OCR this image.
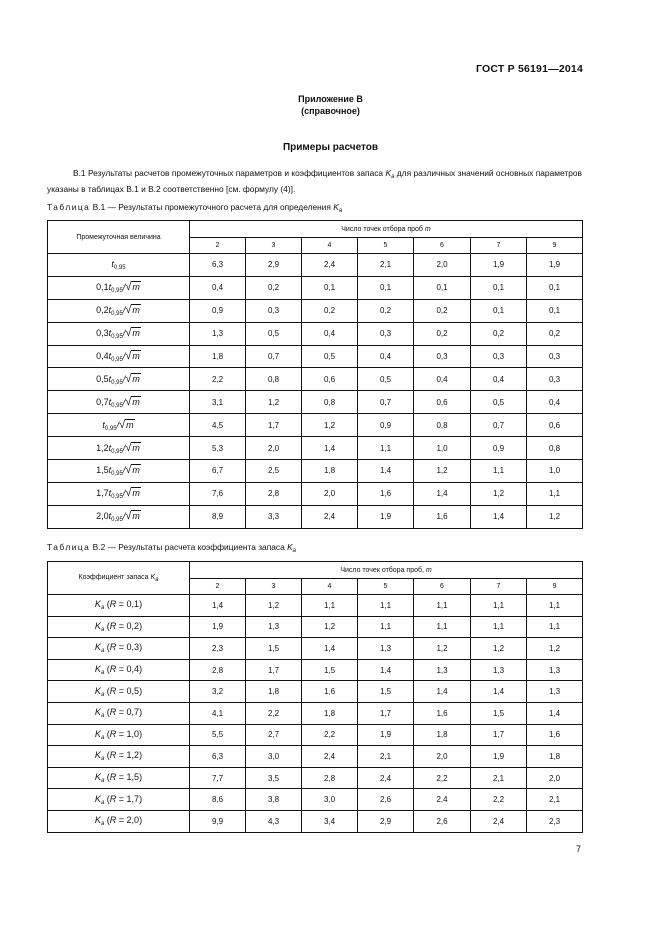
ГОСТ Р 56191—2014
Приложение В
(справочное)
Примеры расчетов

В.1 Результаты расчетов промежуточных параметров и коэффициентов запаса $K_a$ для различных значений основных параметров указаны в таблицах В.1 и В.2 соответственно [см. формулу (4)].

Таблица В.1 — Результаты промежуточного расчета для определения $K_a$
Промежуточная величина	Число точек отбора проб m						
	2	3	4	5	6	7	9
$t_{0,95}$	6,3	2,9	2,4	2,1	2,0	1,9	1,9
$0,1t_{0,95}/√m$	0,4	0,2	0,1	0,1	0,1	0,1	0,1
$0,2t_{0,95}/√m$	0,9	0,3	0,2	0,2	0,2	0,1	0,1
$0,3t_{0,95}/√m$	1,3	0,5	0,4	0,3	0,2	0,2	0,2
$0,4t_{0,95}/√m$	1,8	0,7	0,5	0,4	0,3	0,3	0,3
$0,5t_{0,95}/√m$	2,2	0,8	0,6	0,5	0,4	0,4	0,3
$0,7t_{0,95}/√m$	3,1	1,2	0,8	0,7	0,6	0,5	0,4
$t_{0,95}/√m$	4,5	1,7	1,2	0,9	0,8	0,7	0,6
$1,2t_{0,95}/√m$	5,3	2,0	1,4	1,1	1,0	0,9	0,8
$1,5t_{0,95}/√m$	6,7	2,5	1,8	1,4	1,2	1,1	1,0
$1,7t_{0,95}/√m$	7,6	2,8	2,0	1,6	1,4	1,2	1,1
$2,0t_{0,95}/√m$	8,9	3,3	2,4	1,9	1,6	1,4	1,2
Таблица В.2 — Результаты расчета коэффициента запаса $K_a$
Коэффициент запаса Ka	Число точек отбора проб, m						
	2	3	4	5	6	7	9
$K_a$ (R = 0,1)	1,4	1,2	1,1	1,1	1,1	1,1	1,1
$K_a$ (R = 0,2)	1,9	1,3	1,2	1,1	1,1	1,1	1,1
$K_a$ (R = 0,3)	2,3	1,5	1,4	1,3	1,2	1,2	1,2
$K_a$ (R = 0,4)	2,8	1,7	1,5	1,4	1,3	1,3	1,3
$K_a$ (R = 0,5)	3,2	1,8	1,6	1,5	1,4	1,4	1,3
$K_a$ (R = 0,7)	4,1	2,2	1,8	1,7	1,6	1,5	1,4
$K_a$ (R = 1,0)	5,5	2,7	2,2	1,9	1,8	1,7	1,6
$K_a$ (R = 1,2)	6,3	3,0	2,4	2,1	2,0	1,9	1,8
$K_a$ (R = 1,5)	7,7	3,5	2,8	2,4	2,2	2,1	2,0
$K_a$ (R = 1,7)	8,6	3,8	3,0	2,6	2,4	2,2	2,1
$K_a$ (R = 2,0)	9,9	4,3	3,4	2,9	2,6	2,4	2,3
7
